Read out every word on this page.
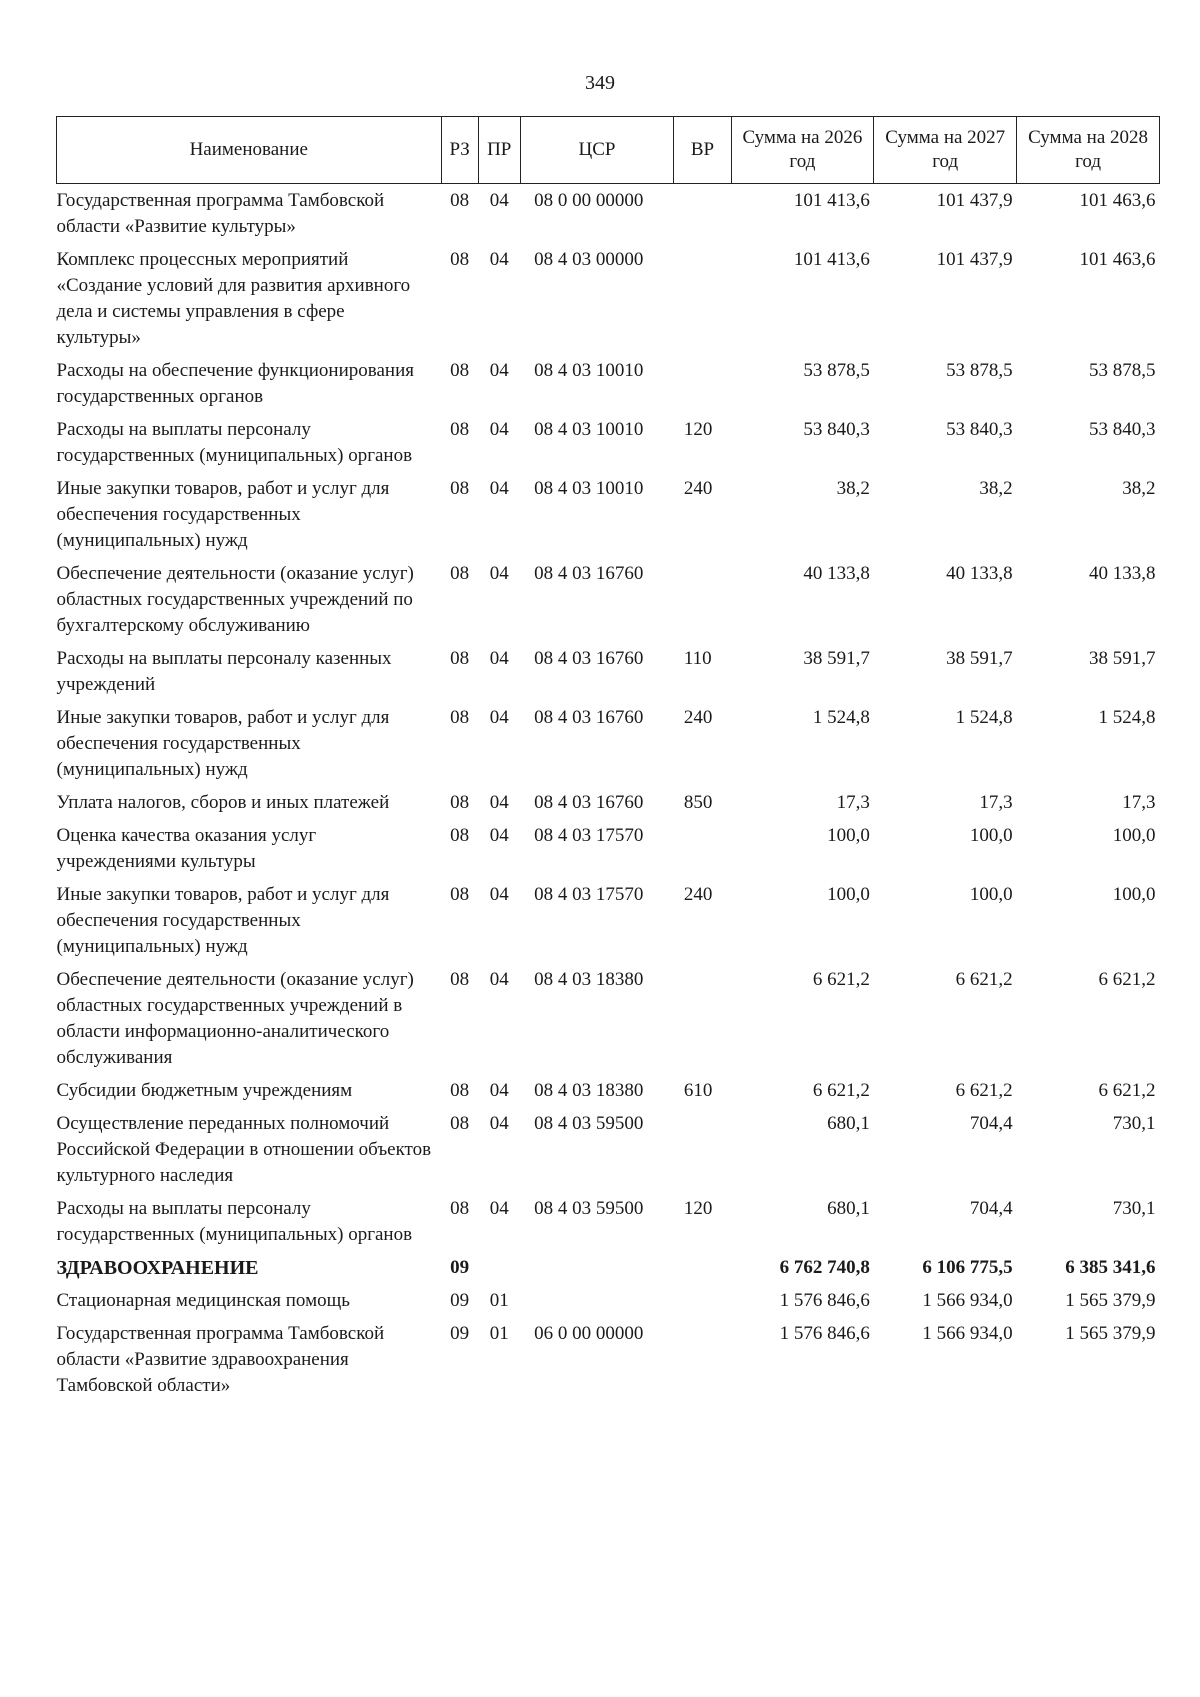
349
Наименование	РЗ	ПР	ЦСР	ВР	Сумма на 2026 год	Сумма на 2027 год	Сумма на 2028 год
Государственная программа Тамбовской области «Развитие культуры»	08	04	08 0 00 00000		101 413,6	101 437,9	101 463,6
Комплекс процессных мероприятий «Создание условий для развития архивного дела и системы управления в сфере культуры»	08	04	08 4 03 00000		101 413,6	101 437,9	101 463,6
Расходы на обеспечение функционирования государственных органов	08	04	08 4 03 10010		53 878,5	53 878,5	53 878,5
Расходы на выплаты персоналу государственных (муниципальных) органов	08	04	08 4 03 10010	120	53 840,3	53 840,3	53 840,3
Иные закупки товаров, работ и услуг для обеспечения государственных (муниципальных) нужд	08	04	08 4 03 10010	240	38,2	38,2	38,2
Обеспечение деятельности (оказание услуг) областных государственных учреждений по бухгалтерскому обслуживанию	08	04	08 4 03 16760		40 133,8	40 133,8	40 133,8
Расходы на выплаты персоналу казенных учреждений	08	04	08 4 03 16760	110	38 591,7	38 591,7	38 591,7
Иные закупки товаров, работ и услуг для обеспечения государственных (муниципальных) нужд	08	04	08 4 03 16760	240	1 524,8	1 524,8	1 524,8
Уплата налогов, сборов и иных платежей	08	04	08 4 03 16760	850	17,3	17,3	17,3
Оценка качества оказания услуг учреждениями культуры	08	04	08 4 03 17570		100,0	100,0	100,0
Иные закупки товаров, работ и услуг для обеспечения государственных (муниципальных) нужд	08	04	08 4 03 17570	240	100,0	100,0	100,0
Обеспечение деятельности (оказание услуг) областных государственных учреждений в области информационно-аналитического обслуживания	08	04	08 4 03 18380		6 621,2	6 621,2	6 621,2
Субсидии бюджетным учреждениям	08	04	08 4 03 18380	610	6 621,2	6 621,2	6 621,2
Осуществление переданных полномочий Российской Федерации в отношении объектов культурного наследия	08	04	08 4 03 59500		680,1	704,4	730,1
Расходы на выплаты персоналу государственных (муниципальных) органов	08	04	08 4 03 59500	120	680,1	704,4	730,1
ЗДРАВООХРАНЕНИЕ	09				6 762 740,8	6 106 775,5	6 385 341,6
Стационарная медицинская помощь	09	01			1 576 846,6	1 566 934,0	1 565 379,9
Государственная программа Тамбовской области «Развитие здравоохранения Тамбовской области»	09	01	06 0 00 00000		1 576 846,6	1 566 934,0	1 565 379,9
